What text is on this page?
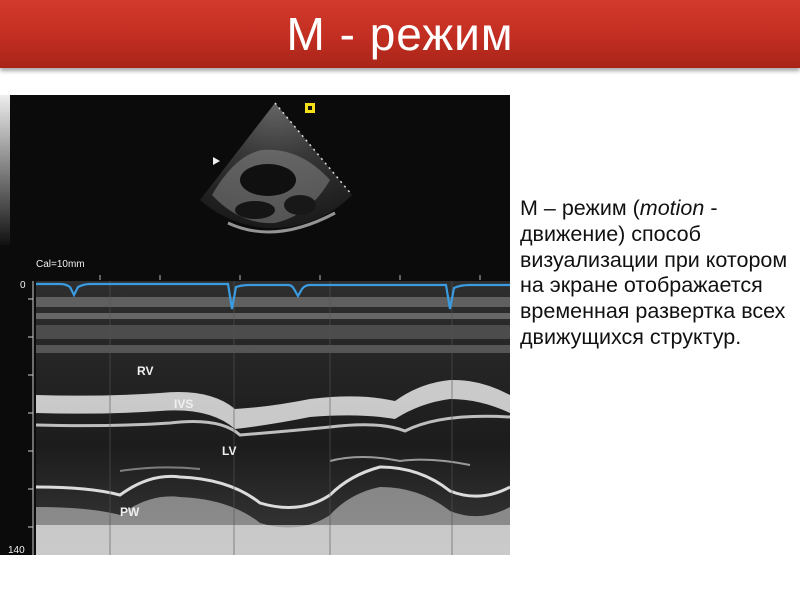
М - режим
Cal=10mm
0
140
RV
IVS
LV
PW
М – режим (motion - движение) способ визуализации при котором на экране отображается временная развертка всех движущихся структур.
